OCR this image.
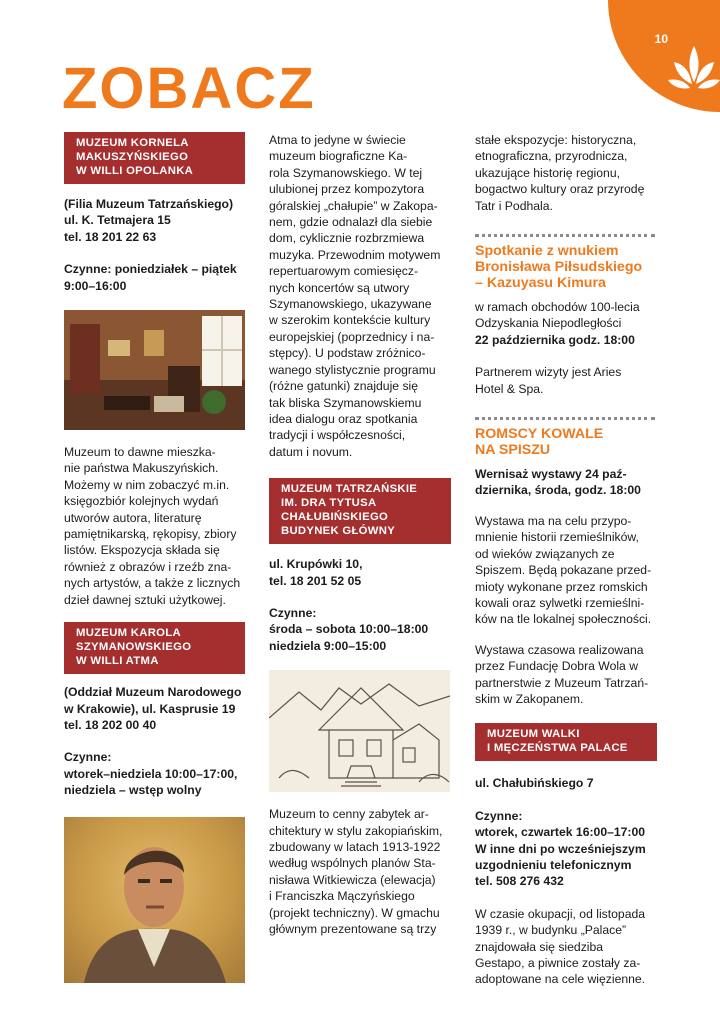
10
ZOBACZ
MUZEUM KORNELA
MAKUSZYŃSKIEGO
W WILLI OPOLANKA
(Filia Muzeum Tatrzańskiego)
ul. K. Tetmajera 15
tel. 18 201 22 63
Czynne: poniedziałek – piątek
9:00–16:00
Muzeum to dawne mieszka-
nie państwa Makuszyńskich.
Możemy w nim zobaczyć m.in.
księgozbiór kolejnych wydań
utworów autora, literaturę
pamiętnikarską, rękopisy, zbiory
listów. Ekspozycja składa się
również z obrazów i rzeźb zna-
nych artystów, a także z licznych
dzieł dawnej sztuki użytkowej.
MUZEUM KAROLA
SZYMANOWSKIEGO
W WILLI ATMA
(Oddział Muzeum Narodowego
w Krakowie), ul. Kasprusie 19
tel. 18 202 00 40
Czynne:
wtorek–niedziela 10:00–17:00,
niedziela – wstęp wolny
Atma to jedyne w świecie
muzeum biograficzne Ka-
rola Szymanowskiego. W tej
ulubionej przez kompozytora
góralskiej „chałupie” w Zakopa-
nem, gdzie odnalazł dla siebie
dom, cyklicznie rozbrzmiewa
muzyka. Przewodnim motywem
repertuarowym comiesięcz-
nych koncertów są utwory
Szymanowskiego, ukazywane
w szerokim kontekście kultury
europejskiej (poprzednicy i na-
stępcy). U podstaw zróżnico-
wanego stylistycznie programu
(różne gatunki) znajduje się
tak bliska Szymanowskiemu
idea dialogu oraz spotkania
tradycji i współczesności,
datum i novum.
MUZEUM TATRZAŃSKIE
IM. DRA TYTUSA
CHAŁUBIŃSKIEGO
BUDYNEK GŁÓWNY
ul. Krupówki 10,
tel. 18 201 52 05
Czynne:
środa – sobota 10:00–18:00
niedziela 9:00–15:00
Muzeum to cenny zabytek ar-
chitektury w stylu zakopiańskim,
zbudowany w latach 1913-1922
według wspólnych planów Sta-
nisława Witkiewicza (elewacja)
i Franciszka Mączyńskiego
(projekt techniczny). W gmachu
głównym prezentowane są trzy
stałe ekspozycje: historyczna,
etnograficzna, przyrodnicza,
ukazujące historię regionu,
bogactwo kultury oraz przyrodę
Tatr i Podhala.
Spotkanie z wnukiem
Bronisława Piłsudskiego
– Kazuyasu Kimura
w ramach obchodów 100-lecia
Odzyskania Niepodległości
22 października godz. 18:00
Partnerem wizyty jest Aries
Hotel & Spa.
ROMSCY KOWALE
NA SPISZU
Wernisaż wystawy 24 paź-
dziernika, środa, godz. 18:00
Wystawa ma na celu przypo-
mnienie historii rzemieślników,
od wieków związanych ze
Spiszem. Będą pokazane przed-
mioty wykonane przez romskich
kowali oraz sylwetki rzemieślni-
ków na tle lokalnej społeczności.
Wystawa czasowa realizowana
przez Fundację Dobra Wola w
partnerstwie z Muzeum Tatrzań-
skim w Zakopanem.
MUZEUM WALKI
I MĘCZEŃSTWA PALACE
ul. Chałubińskiego 7
Czynne:
wtorek, czwartek 16:00–17:00
W inne dni po wcześniejszym
uzgodnieniu telefonicznym
tel. 508 276 432
W czasie okupacji, od listopada
1939 r., w budynku „Palace”
znajdowała się siedziba
Gestapo, a piwnice zostały za-
adoptowane na cele więzienne.
